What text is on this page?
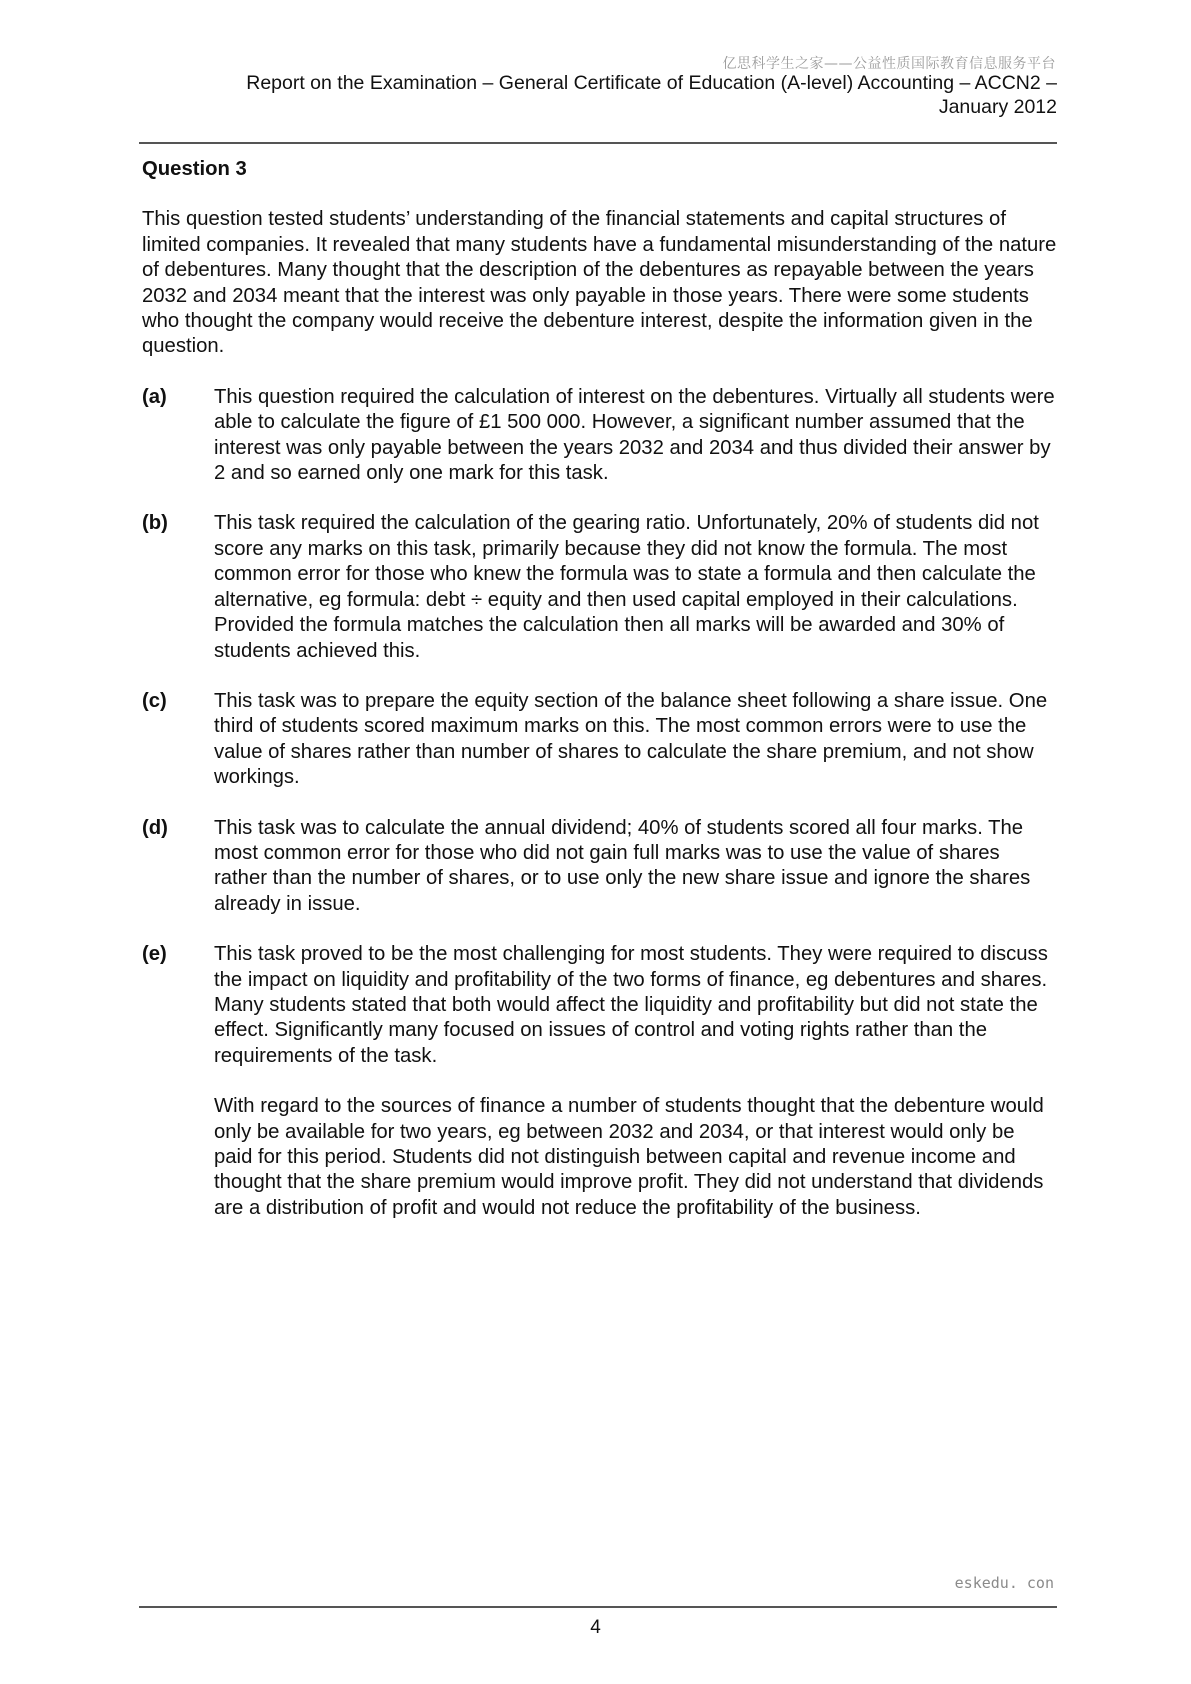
亿思科学生之家——公益性质国际教育信息服务平台
Report on the Examination – General Certificate of Education (A-level) Accounting – ACCN2 –
January 2012
Question 3

This question tested students’ understanding of the financial statements and capital structures of limited companies. It revealed that many students have a fundamental misunderstanding of the nature of debentures. Many thought that the description of the debentures as repayable between the years 2032 and 2034 meant that the interest was only payable in those years. There were some students who thought the company would receive the debenture interest, despite the information given in the question.

(a)	This question required the calculation of interest on the debentures. Virtually all students were able to calculate the figure of £1 500 000. However, a significant number assumed that the interest was only payable between the years 2032 and 2034 and thus divided their answer by 2 and so earned only one mark for this task.

(b)	This task required the calculation of the gearing ratio. Unfortunately, 20% of students did not score any marks on this task, primarily because they did not know the formula. The most common error for those who knew the formula was to state a formula and then calculate the alternative, eg formula: debt ÷ equity and then used capital employed in their calculations. Provided the formula matches the calculation then all marks will be awarded and 30% of students achieved this.

(c)	This task was to prepare the equity section of the balance sheet following a share issue. One third of students scored maximum marks on this. The most common errors were to use the value of shares rather than number of shares to calculate the share premium, and not show workings.

(d)	This task was to calculate the annual dividend; 40% of students scored all four marks. The most common error for those who did not gain full marks was to use the value of shares rather than the number of shares, or to use only the new share issue and ignore the shares already in issue.

(e)	This task proved to be the most challenging for most students. They were required to discuss the impact on liquidity and profitability of the two forms of finance, eg debentures and shares. Many students stated that both would affect the liquidity and profitability but did not state the effect. Significantly many focused on issues of control and voting rights rather than the requirements of the task.

With regard to the sources of finance a number of students thought that the debenture would only be available for two years, eg between 2032 and 2034, or that interest would only be paid for this period. Students did not distinguish between capital and revenue income and thought that the share premium would improve profit. They did not understand that dividends are a distribution of profit and would not reduce the profitability of the business.

eskedu. con
4
